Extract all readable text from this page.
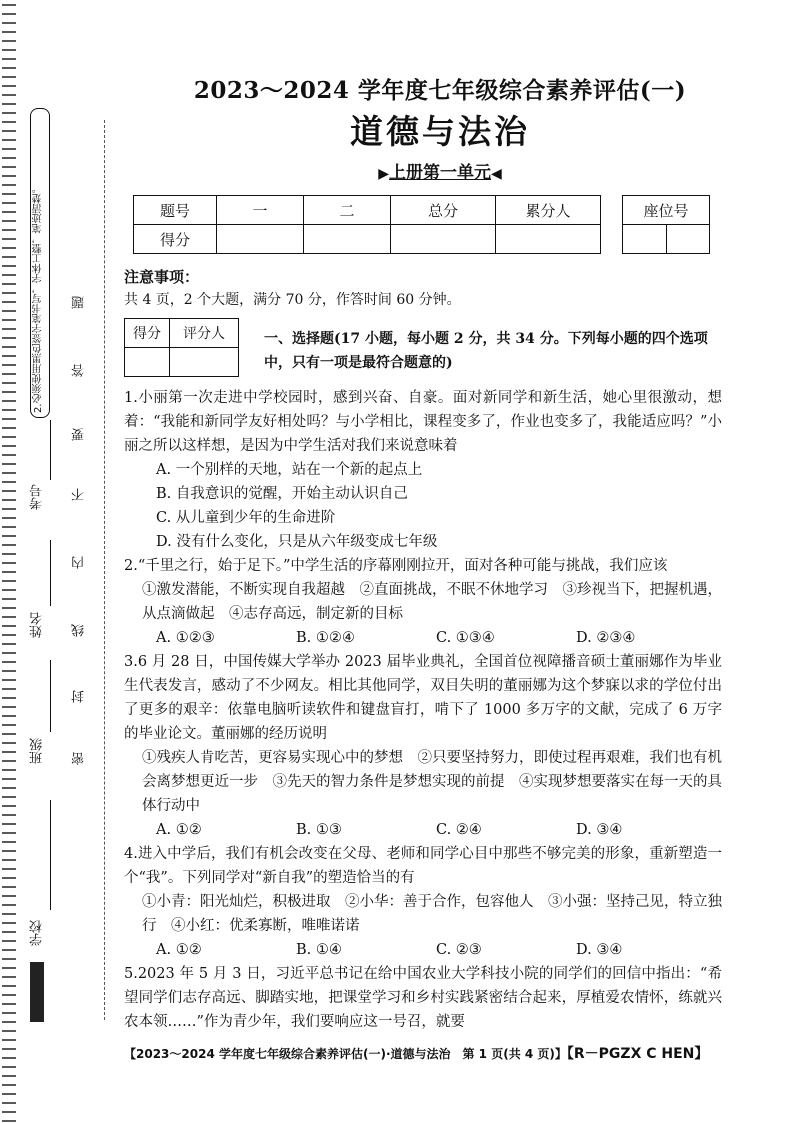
2.必须使用黑色签字笔书写，字体工整，笔迹清楚。
考号
姓名
班级
学校
题
答
要
不
内
线
封
密
2023～2024 学年度七年级综合素养评估(一)
道德与法治
▶上册第一单元◀
题号	一	二	总分	累分人
得分				
座位号

注意事项：
共 4 页，2 个大题，满分 70 分，作答时间 60 分钟。
得分	评分人
		一、选择题(17 小题，每小题 2 分，共 34 分。下列每小题的四个选项中，只有一项是最符合题意的)

1.小丽第一次走进中学校园时，感到兴奋、自豪。面对新同学和新生活，她心里很激动，想着：“我能和新同学友好相处吗？与小学相比，课程变多了，作业也变多了，我能适应吗？”小丽之所以这样想，是因为中学生活对我们来说意味着

A. 一个别样的天地，站在一个新的起点上

B. 自我意识的觉醒，开始主动认识自己

C. 从儿童到少年的生命进阶

D. 没有什么变化，只是从六年级变成七年级

2.“千里之行，始于足下。”中学生活的序幕刚刚拉开，面对各种可能与挑战，我们应该

①激发潜能，不断实现自我超越　②直面挑战，不眠不休地学习　③珍视当下，把握机遇，从点滴做起　④志存高远，制定新的目标

A. ①②③	B. ①②④	C. ①③④	D. ②③④

3.6 月 28 日，中国传媒大学举办 2023 届毕业典礼，全国首位视障播音硕士董丽娜作为毕业生代表发言，感动了不少网友。相比其他同学，双目失明的董丽娜为这个梦寐以求的学位付出了更多的艰辛：依靠电脑听读软件和键盘盲打，啃下了 1000 多万字的文献，完成了 6 万字的毕业论文。董丽娜的经历说明

①残疾人肯吃苦，更容易实现心中的梦想　②只要坚持努力，即使过程再艰难，我们也有机会离梦想更近一步　③先天的智力条件是梦想实现的前提　④实现梦想要落实在每一天的具体行动中

A. ①②	B. ①③	C. ②④	D. ③④

4.进入中学后，我们有机会改变在父母、老师和同学心目中那些不够完美的形象，重新塑造一个“我”。下列同学对“新自我”的塑造恰当的有

①小青：阳光灿烂，积极进取　②小华：善于合作，包容他人　③小强：坚持己见，特立独行　④小红：优柔寡断，唯唯诺诺

A. ①②	B. ①④	C. ②③	D. ③④

5.2023 年 5 月 3 日，习近平总书记在给中国农业大学科技小院的同学们的回信中指出：“希望同学们志存高远、脚踏实地，把课堂学习和乡村实践紧密结合起来，厚植爱农情怀，练就兴农本领……”作为青少年，我们要响应这一号召，就要

【2023～2024 学年度七年级综合素养评估(一)·道德与法治　第 1 页(共 4 页)】【R－PGZX C HEN】
